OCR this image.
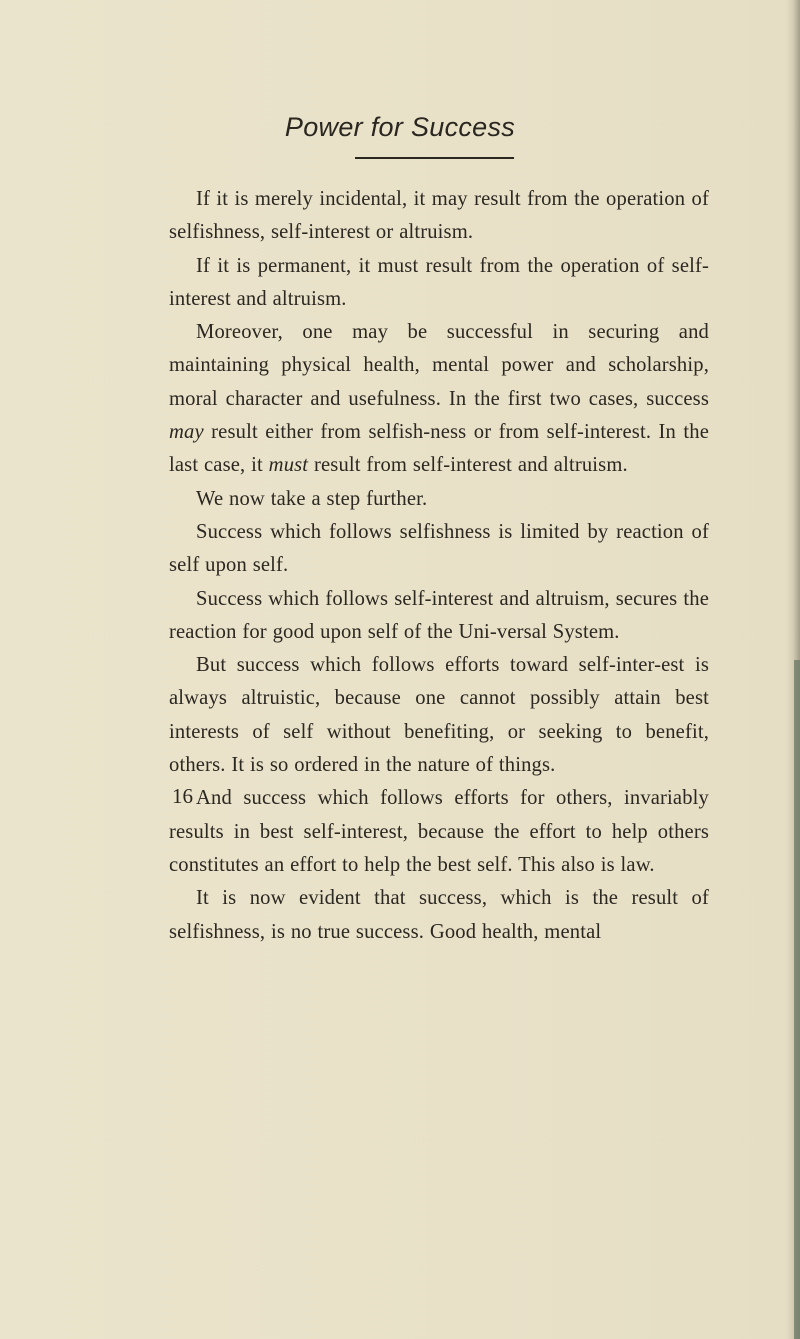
Power for Success

If it is merely incidental, it may result from the operation of selfishness, self-interest or altruism.

If it is permanent, it must result from the operation of self-interest and altruism.

Moreover, one may be successful in securing and maintaining physical health, mental power and scholarship, moral character and usefulness. In the first two cases, success may result either from selfish-ness or from self-interest. In the last case, it must result from self-interest and altruism.

We now take a step further.

Success which follows selfishness is limited by reaction of self upon self.

Success which follows self-interest and altruism, secures the reaction for good upon self of the Uni-versal System.

But success which follows efforts toward self-inter-est is always altruistic, because one cannot possibly attain best interests of self without benefiting, or seeking to benefit, others. It is so ordered in the nature of things.

And success which follows efforts for others, invariably results in best self-interest, because the effort to help others constitutes an effort to help the best self. This also is law.

It is now evident that success, which is the result of selfishness, is no true success. Good health, mental

16
